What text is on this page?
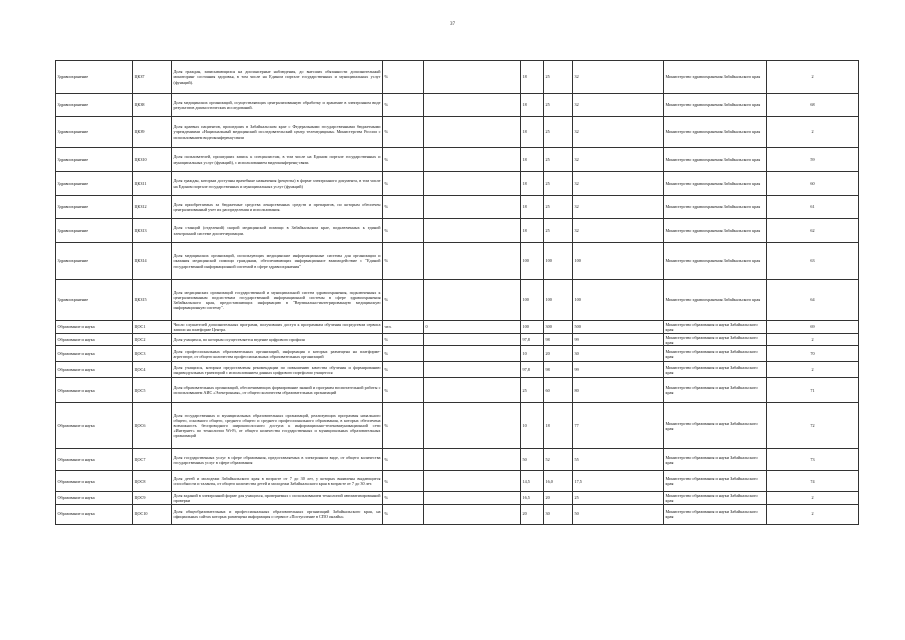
37
Здравоохранение	ЦКЗ7	Доля граждан, записывающихся на диспансерные наблюдения, до внесших обязанности дополнительный мониторинг состояния здоровья, в том числе на Едином портале государственных и муниципальных услуг (функций).	%		18	25	32	Министерство здравоохранения Забайкальского края	2
Здравоохранение	ЦКЗ8	Доля медицинских организаций, осуществляющих централизованную обработку и хранение в электронном виде результатов диагностических исследований.	%		18	25	32	Министерство здравоохранения Забайкальского края	68
Здравоохранение	ЦКЗ9	Доля краевых пациентов, прошедших в Забайкальском крае с Федеральными государственными бюджетными учреждениями «Национальный медицинский исследовательский центр телемедицины» Министерства России с использованием видеоконференц-связи	%		18	25	32	Министерство здравоохранения Забайкальского края	2
Здравоохранение	ЦКЗ10	Доля пользователей, прошедших запись к специалистам, в том числе на Едином портале государственных и муниципальных услуг (функций), с использованием видеоконференц-связи.	%		18	25	32	Министерство здравоохранения Забайкальского края	59
Здравоохранение	ЦКЗ11	Доля граждан, которым доступны врачебные назначения (рецепты) в форме электронного документа, в том числе на Едином портале государственных и муниципальных услуг (функций)	%		18	25	32	Министерство здравоохранения Забайкальского края	60
Здравоохранение	ЦКЗ12	Доля приобретаемых за бюджетные средства лекарственных средств и препаратов, по которым обеспечен централизованный учет их распределения и использования.	%		18	25	32	Министерство здравоохранения Забайкальского края	61
Здравоохранение	ЦКЗ13	Доля станций (отделений) скорой медицинской помощи в Забайкальском крае, подключенных к единой электронной системе диспетчеризации.	%		18	25	32	Министерство здравоохранения Забайкальского края	62
Здравоохранение	ЦКЗ14	Доля медицинских организаций, использующих медицинские информационные системы для организации и оказания медицинской помощи гражданам, обеспечивающих информационное взаимодействие с "Единой государственной информационной системой в сфере здравоохранения"	%		100	100	100	Министерство здравоохранения Забайкальского края	63
Здравоохранение	ЦКЗ15	Доля медицинских организаций государственной и муниципальной систем здравоохранения, подключенных к централизованным подсистемам государственной информационной системы в сфере здравоохранения Забайкальского края, предоставляющих информацию в "Вертикально-интегрированную медицинскую информационную систему".	%		100	100	100	Министерство здравоохранения Забайкальского края	64
Образование и наука	ЦОС1	Число слушателей дополнительных программ, получивших доступ к программам обучения посредством сервиса записи на платформе Центра.	чел.	0	100	300	500	Министерство образования и науки Забайкальского края	69
Образование и наука	ЦОС2	Доля учащихся, по которым осуществляется ведение цифрового профиля	%		97,8	98	99	Министерство образования и науки Забайкальского края	2
Образование и наука	ЦОС3	Доля профессиональных образовательных организаций, информация о которых размещена на платформе-агрегаторе, от общего количества профессиональных образовательных организаций	%		10	20	30	Министерство образования и науки Забайкальского края	70
Образование и наука	ЦОС4	Доля учащихся, которым предоставлены рекомендации по повышению качества обучения и формированию индивидуальных траекторий с использованием данных цифрового портфолио учащегося	%		97,8	98	99	Министерство образования и науки Забайкальского края	2
Образование и наука	ЦОС5	Доля образовательных организаций, обеспечивающих формирование знаний и программ воспитательной работы с использованием АИС «Электронная», от общего количества образовательных организаций	%		25	60	80	Министерство образования и науки Забайкальского края	71
Образование и наука	ЦОС6	Доля государственных и муниципальных образовательных организаций, реализующих программы начального общего, основного общего, среднего общего и среднего профессионального образования, в которых обеспечена возможность беспроводного широкополосного доступа к информационно-телекоммуникационной сети «Интернет» по технологии Wi-Fi, от общего количества государственных и муниципальных образовательных организаций	%		10	18	77	Министерство образования и науки Забайкальского края	72
Образование и наука	ЦОС7	Доля государственных услуг в сфере образования, предоставляемых в электронном виде, от общего количества государственных услуг в сфере образования	%		50	52	55	Министерство образования и науки Забайкальского края	73
Образование и наука	ЦОС8	Доля детей и молодежи Забайкальского края в возрасте от 7 до 30 лет, у которых выявлены выдающиеся способности и таланты, от общего количества детей и молодежи Забайкальского края в возрасте от 7 до 30 лет.	%		14,5	16,0	17,5	Министерство образования и науки Забайкальского края	74
Образование и наука	ЦОС9	Доля заданий в электронной форме для учащихся, проверяемых с использованием технологий автоматизированной проверки	%		16,5	20	25	Министерство образования и науки Забайкальского края	2
Образование и наука	ЦОС10	Доля общеобразовательных и профессиональных образовательных организаций Забайкальского края, на официальных сайтах которых размещена информация о сервисе «Поступление в СПО онлайн»	%		20	30	50	Министерство образования и науки Забайкальского края	2
